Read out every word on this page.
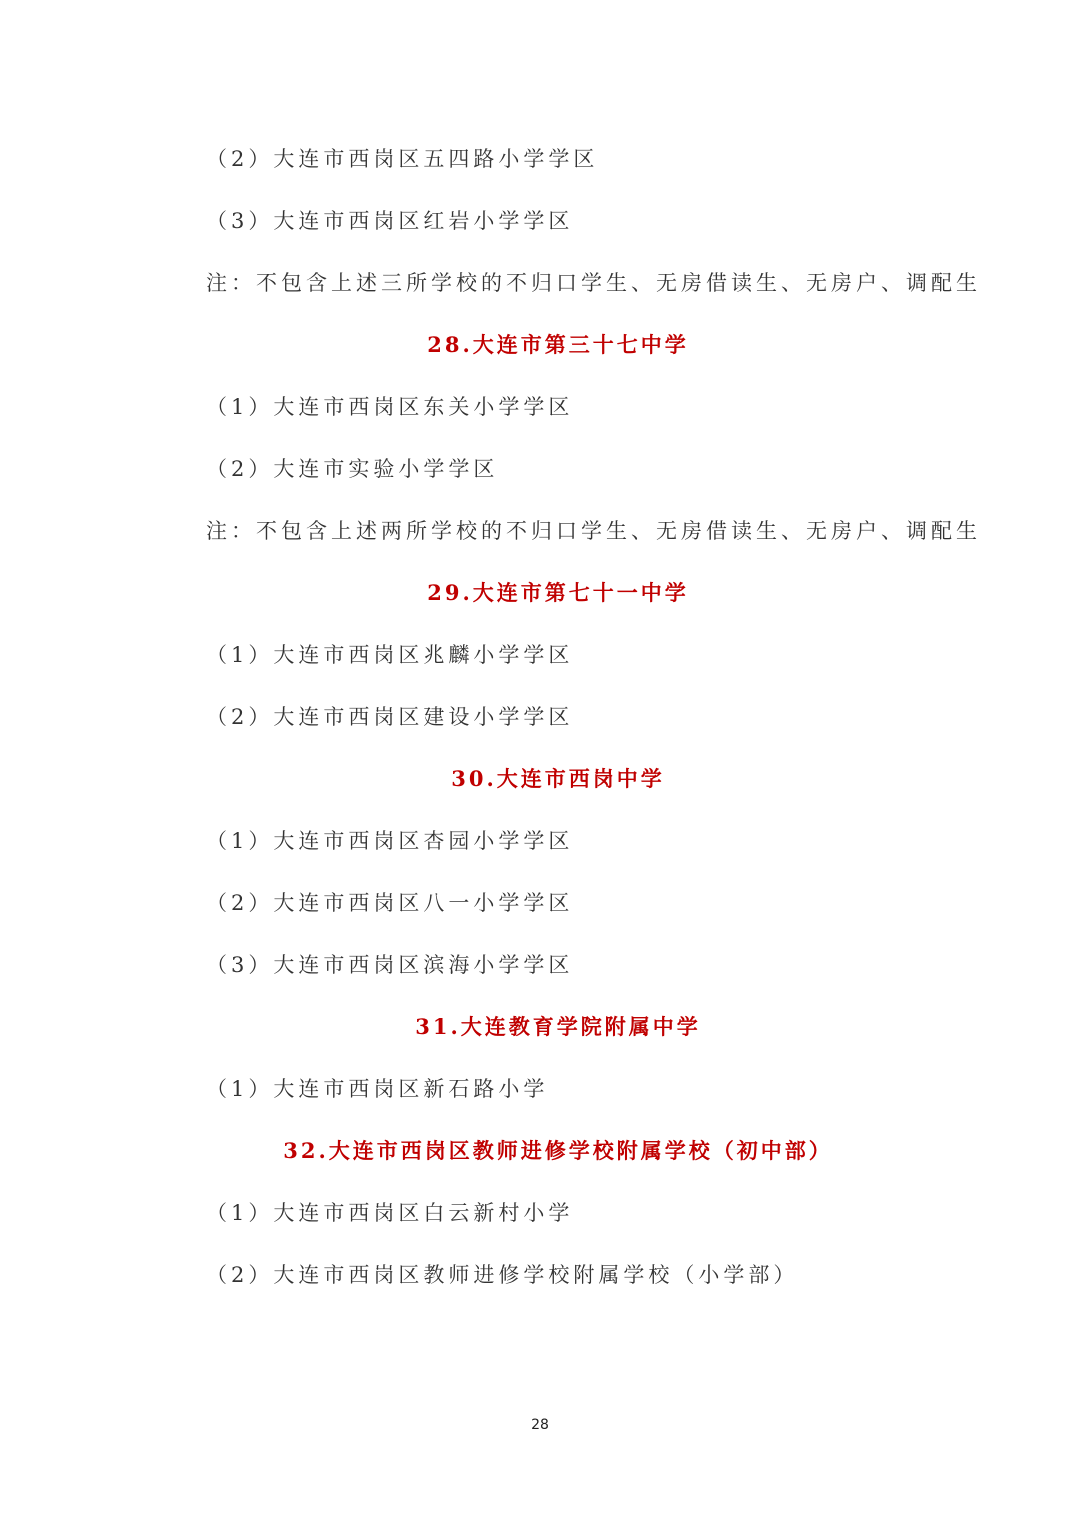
（2）大连市西岗区五四路小学学区
（3）大连市西岗区红岩小学学区
注：不包含上述三所学校的不归口学生、无房借读生、无房户、调配生
28.大连市第三十七中学
（1）大连市西岗区东关小学学区
（2）大连市实验小学学区
注：不包含上述两所学校的不归口学生、无房借读生、无房户、调配生
29.大连市第七十一中学
（1）大连市西岗区兆麟小学学区
（2）大连市西岗区建设小学学区
30.大连市西岗中学
（1）大连市西岗区杏园小学学区
（2）大连市西岗区八一小学学区
（3）大连市西岗区滨海小学学区
31.大连教育学院附属中学
（1）大连市西岗区新石路小学
32.大连市西岗区教师进修学校附属学校（初中部）
（1）大连市西岗区白云新村小学
（2）大连市西岗区教师进修学校附属学校（小学部）
28
